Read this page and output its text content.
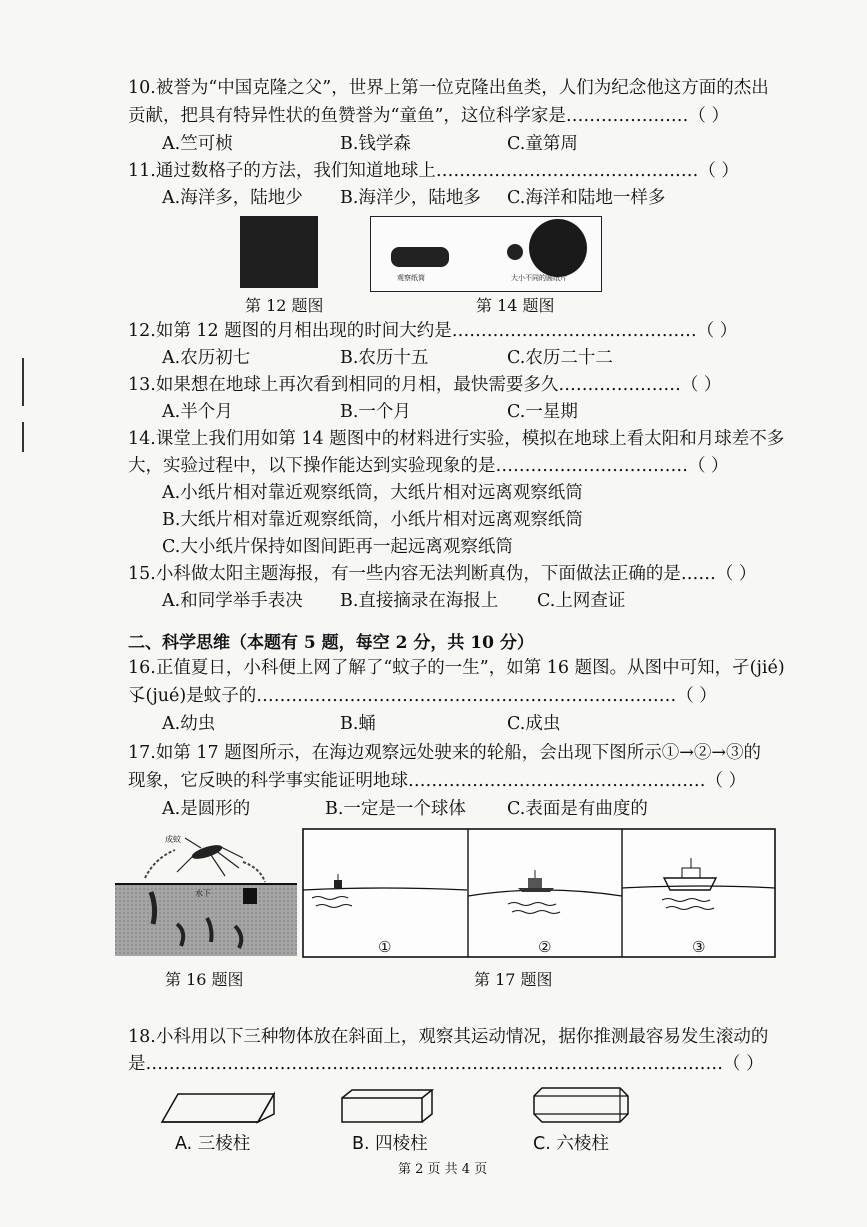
10.被誉为“中国克隆之父”，世界上第一位克隆出鱼类，人们为纪念他这方面的杰出
贡献，把具有特异性状的鱼赞誉为“童鱼”，这位科学家是…………………（ ）
A.竺可桢	B.钱学森	C.童第周
11.通过数格子的方法，我们知道地球上………………………………………（ ）
A.海洋多，陆地少 B.海洋少，陆地多 C.海洋和陆地一样多
第 12 题图
观察纸筒	大小不同的圆纸片
第 14 题图
12.如第 12 题图的月相出现的时间大约是……………………………………（ ）
A.农历初七	B.农历十五	C.农历二十二
13.如果想在地球上再次看到相同的月相，最快需要多久…………………（ ）
A.半个月	B.一个月	C.一星期
14.课堂上我们用如第 14 题图中的材料进行实验，模拟在地球上看太阳和月球差不多
大，实验过程中，以下操作能达到实验现象的是……………………………（ ）
A.小纸片相对靠近观察纸筒，大纸片相对远离观察纸筒
B.大纸片相对靠近观察纸筒，小纸片相对远离观察纸筒
C.大小纸片保持如图间距再一起远离观察纸筒
15.小科做太阳主题海报，有一些内容无法判断真伪，下面做法正确的是……（ ）
A.和同学举手表决 B.直接摘录在海报上 C.上网查证
二、科学思维（本题有 5 题，每空 2 分，共 10 分）
16.正值夏日，小科便上网了解了“蚊子的一生”，如第 16 题图。从图中可知，孑(jié)
孓(jué)是蚊子的………………………………………………………………（ ）
A.幼虫	B.蛹	C.成虫
17.如第 17 题图所示，在海边观察远处驶来的轮船，会出现下图所示①→②→③的
现象，它反映的科学事实能证明地球……………………………………………（ ）
A.是圆形的	B.一定是一个球体 C.表面是有曲度的
成蚊
水下
第 16 题图
①	②	③
第 17 题图
18.小科用以下三种物体放在斜面上，观察其运动情况，据你推测最容易发生滚动的
是………………………………………………………………………………………（ ）
A. 三棱柱	B. 四棱柱	C. 六棱柱
第 2 页 共 4 页
